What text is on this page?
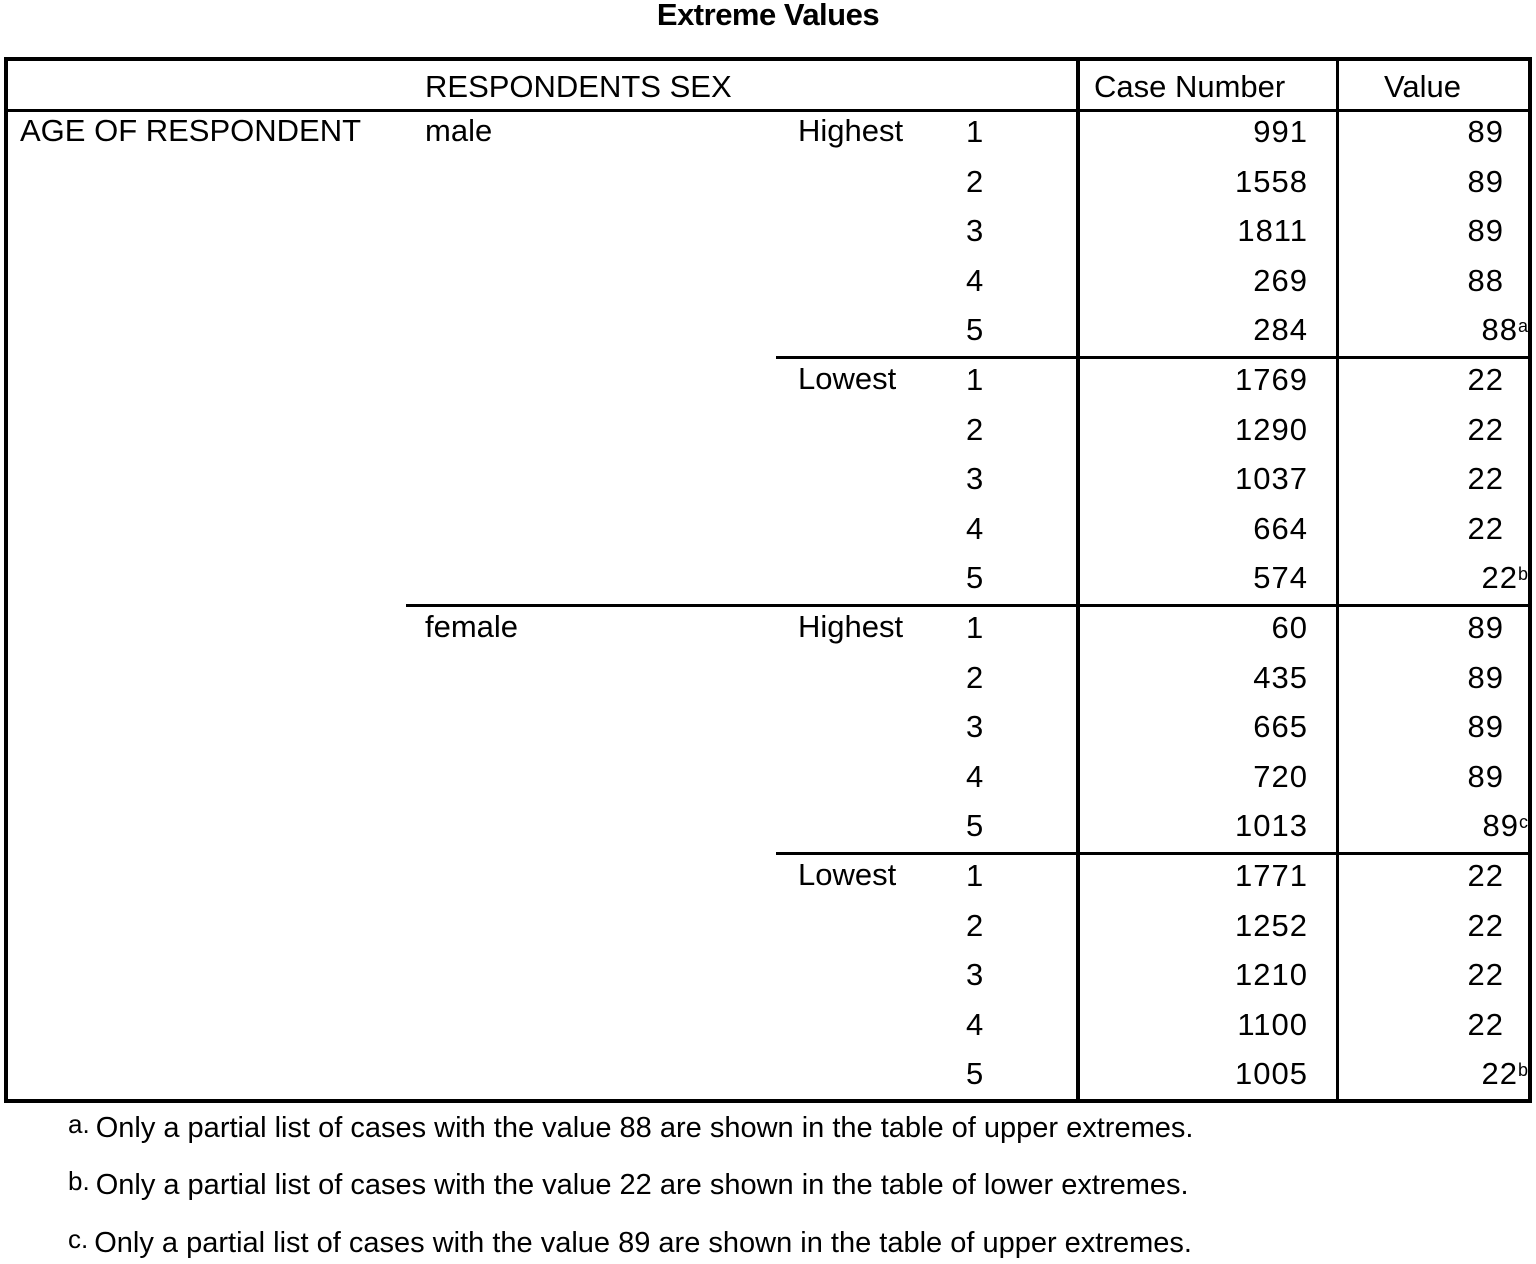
Extreme Values
RESPONDENTS SEX	Case Number	Value
AGE OF RESPONDENT male	Highest 1	991	89
2	1558	89
3	1811	89
4	269	88
5	284	88$^a$
Lowest 1	1769	22
2	1290	22
3	1037	22
4	664	22
5	574	22$^b$
female	Highest 1	60	89
2	435	89
3	665	89
4	720	89
5	1013	89$^c$
Lowest 1	1771	22
2	1252	22
3	1210	22
4	1100	22
5	1005	22$^b$
a. Only a partial list of cases with the value 88 are shown in the table of upper extremes.
b. Only a partial list of cases with the value 22 are shown in the table of lower extremes.
c. Only a partial list of cases with the value 89 are shown in the table of upper extremes.
